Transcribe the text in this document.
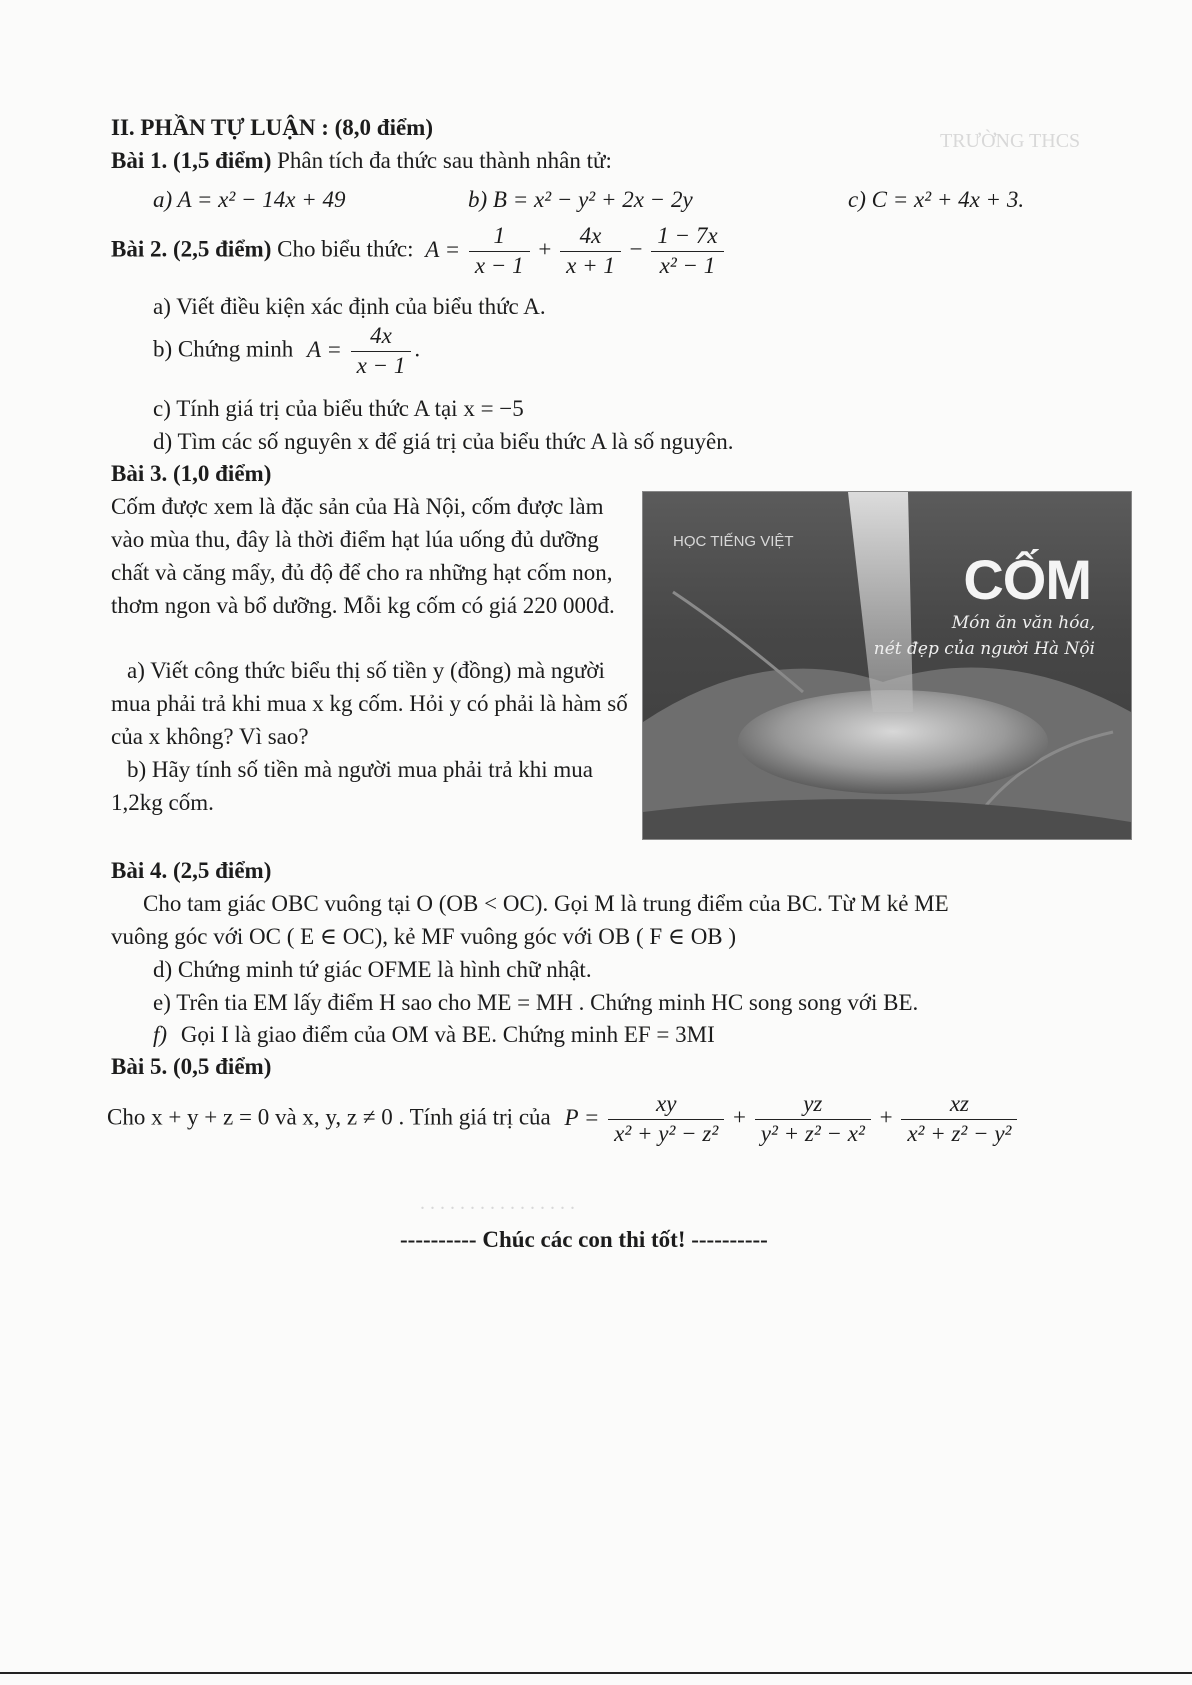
TRƯỜNG THCS
. . . . . . . . . . . . . . . .
II. PHẦN TỰ LUẬN : (8,0 điểm)
Bài 1. (1,5 điểm) Phân tích đa thức sau thành nhân tử:
a) A = x² − 14x + 49	b) B = x² − y² + 2x − 2y	c) C = x² + 4x + 3.
Bài 2. (2,5 điểm) Cho biểu thức: $A = \frac{1}{x - 1} + \frac{4x}{x + 1} - \frac{1 - 7x}{\text{x² − 1}}$
a) Viết điều kiện xác định của biểu thức A.
b) Chứng minh $A = \frac{4x}{x - 1}$ .
c) Tính giá trị của biểu thức A tại x = −5
d) Tìm các số nguyên x để giá trị của biểu thức A là số nguyên.
Bài 3. (1,0 điểm)
Cốm được xem là đặc sản của Hà Nội, cốm được làm vào mùa thu, đây là thời điểm hạt lúa uống đủ dưỡng chất và căng mẩy, đủ độ để cho ra những hạt cốm non, thơm ngon và bổ dưỡng. Mỗi kg cốm có giá 220 000đ.
a) Viết công thức biểu thị số tiền y (đồng) mà người mua phải trả khi mua x kg cốm. Hỏi y có phải là hàm số của x không? Vì sao?
b) Hãy tính số tiền mà người mua phải trả khi mua 1,2kg cốm.
HỌC TIẾNG VIỆT
CỐM
Món ăn văn hóa,
nét đẹp của người Hà Nội
Bài 4. (2,5 điểm)
Cho tam giác OBC vuông tại O (OB < OC). Gọi M là trung điểm của BC. Từ M kẻ ME
vuông góc với OC ( E ∈ OC), kẻ MF vuông góc với OB ( F ∈ OB )
d) Chứng minh tứ giác OFME là hình chữ nhật.
e) Trên tia EM lấy điểm H sao cho ME = MH . Chứng minh HC song song với BE.
f) Gọi I là giao điểm của OM và BE. Chứng minh EF = 3MI
Bài 5. (0,5 điểm)
Cho x + y + z = 0 và x, y, z ≠ 0 . Tính giá trị của $P = \frac{xy}{\text{x² + y² − z²}} + \frac{yz}{\text{y² + z² − x²}} + \frac{xz}{\text{x² + z² − y²}}$
---------- Chúc các con thi tốt! ----------
